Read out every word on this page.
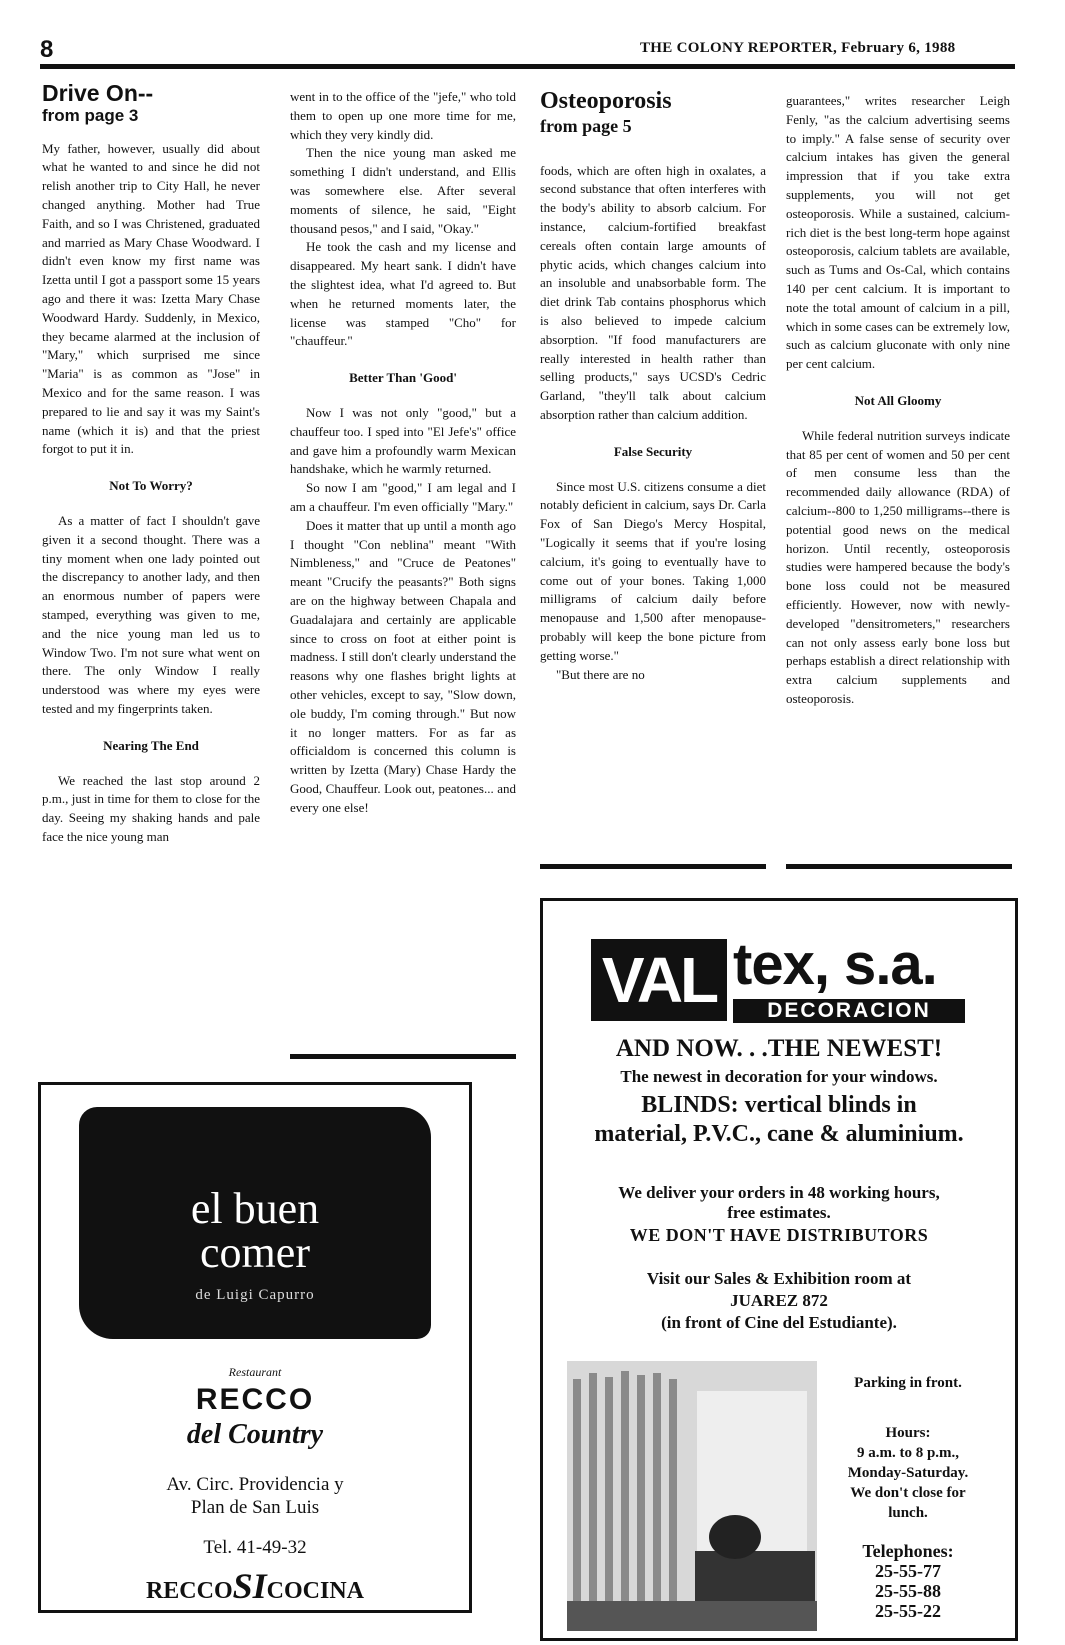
8	THE COLONY REPORTER, February 6, 1988
Drive On--
from page 3

My father, however, usually did about what he wanted to and since he did not relish another trip to City Hall, he never changed anything. Mother had True Faith, and so I was Christened, graduated and married as Mary Chase Woodward. I didn't even know my first name was Izetta until I got a passport some 15 years ago and there it was: Izetta Mary Chase Woodward Hardy. Suddenly, in Mexico, they became alarmed at the inclusion of "Mary," which surprised me since "Maria" is as common as "Jose" in Mexico and for the same reason. I was prepared to lie and say it was my Saint's name (which it is) and that the priest forgot to put it in.

Not To Worry?

As a matter of fact I shouldn't gave given it a second thought. There was a tiny moment when one lady pointed out the discrepancy to another lady, and then an enormous number of papers were stamped, everything was given to me, and the nice young man led us to Window Two. I'm not sure what went on there. The only Window I really understood was where my eyes were tested and my fingerprints taken.

Nearing The End

We reached the last stop around 2 p.m., just in time for them to close for the day. Seeing my shaking hands and pale face the nice young man

went in to the office of the "jefe," who told them to open up one more time for me, which they very kindly did.

Then the nice young man asked me something I didn't understand, and Ellis was somewhere else. After several moments of silence, he said, "Eight thousand pesos," and I said, "Okay."

He took the cash and my license and disappeared. My heart sank. I didn't have the slightest idea, what I'd agreed to. But when he returned moments later, the license was stamped "Cho" for "chauffeur."

Better Than 'Good'

Now I was not only "good," but a chauffeur too. I sped into "El Jefe's" office and gave him a profoundly warm Mexican handshake, which he warmly returned.

So now I am "good," I am legal and I am a chauffeur. I'm even officially "Mary."

Does it matter that up until a month ago I thought "Con neblina" meant "With Nimbleness," and "Cruce de Peatones" meant "Crucify the peasants?" Both signs are on the highway between Chapala and Guadalajara and certainly are applicable since to cross on foot at either point is madness. I still don't clearly understand the reasons why one flashes bright lights at other vehicles, except to say, "Slow down, ole buddy, I'm coming through." But now it no longer matters. For as far as officialdom is concerned this column is written by Izetta (Mary) Chase Hardy the Good, Chauffeur. Look out, peatones... and every one else!

Osteoporosis
from page 5

foods, which are often high in oxalates, a second substance that often interferes with the body's ability to absorb calcium. For instance, calcium-fortified breakfast cereals often contain large amounts of phytic acids, which changes calcium into an insoluble and unabsorbable form. The diet drink Tab contains phosphorus which is also believed to impede calcium absorption. "If food manufacturers are really interested in health rather than selling products," says UCSD's Cedric Garland, "they'll talk about calcium absorption rather than calcium addition.

False Security

Since most U.S. citizens consume a diet notably deficient in calcium, says Dr. Carla Fox of San Diego's Mercy Hospital, "Logically it seems that if you're losing calcium, it's going to eventually have to come out of your bones. Taking 1,000 milligrams of calcium daily before menopause and 1,500 after menopause- probably will keep the bone picture from getting worse."

"But there are no

guarantees," writes researcher Leigh Fenly, "as the calcium advertising seems to imply." A false sense of security over calcium intakes has given the general impression that if you take extra supplements, you will not get osteoporosis. While a sustained, calcium-rich diet is the best long-term hope against osteoporosis, calcium tablets are available, such as Tums and Os-Cal, which contains 140 per cent calcium. It is important to note the total amount of calcium in a pill, which in some cases can be extremely low, such as calcium gluconate with only nine per cent calcium.

Not All Gloomy

While federal nutrition surveys indicate that 85 per cent of women and 50 per cent of men consume less than the recommended daily allowance (RDA) of calcium--800 to 1,250 milligrams--there is potential good news on the medical horizon. Until recently, osteoporosis studies were hampered because the body's bone loss could not be measured efficiently. However, now with newly-developed "densitrometers," researchers can not only assess early bone loss but perhaps establish a direct relationship with extra calcium supplements and osteoporosis.

el buen
comer
de Luigi Capurro
Restaurant
RECCO
del Country
Av. Circ. Providencia y
Plan de San Luis
Tel. 41-49-32
RECCOSICOCINA
VAL tex, s.a.
DECORACION
AND NOW. . .THE NEWEST!
The newest in decoration for your windows.
BLINDS: vertical blinds in material, P.V.C., cane & aluminium.
We deliver your orders in 48 working hours, free estimates.
WE DON'T HAVE DISTRIBUTORS
Visit our Sales & Exhibition room at
JUAREZ 872
(in front of Cine del Estudiante).
Parking in front.
Hours:
9 a.m. to 8 p.m.,
Monday-Saturday.
We don't close for lunch.
Telephones:
25-55-77
25-55-88
25-55-22
